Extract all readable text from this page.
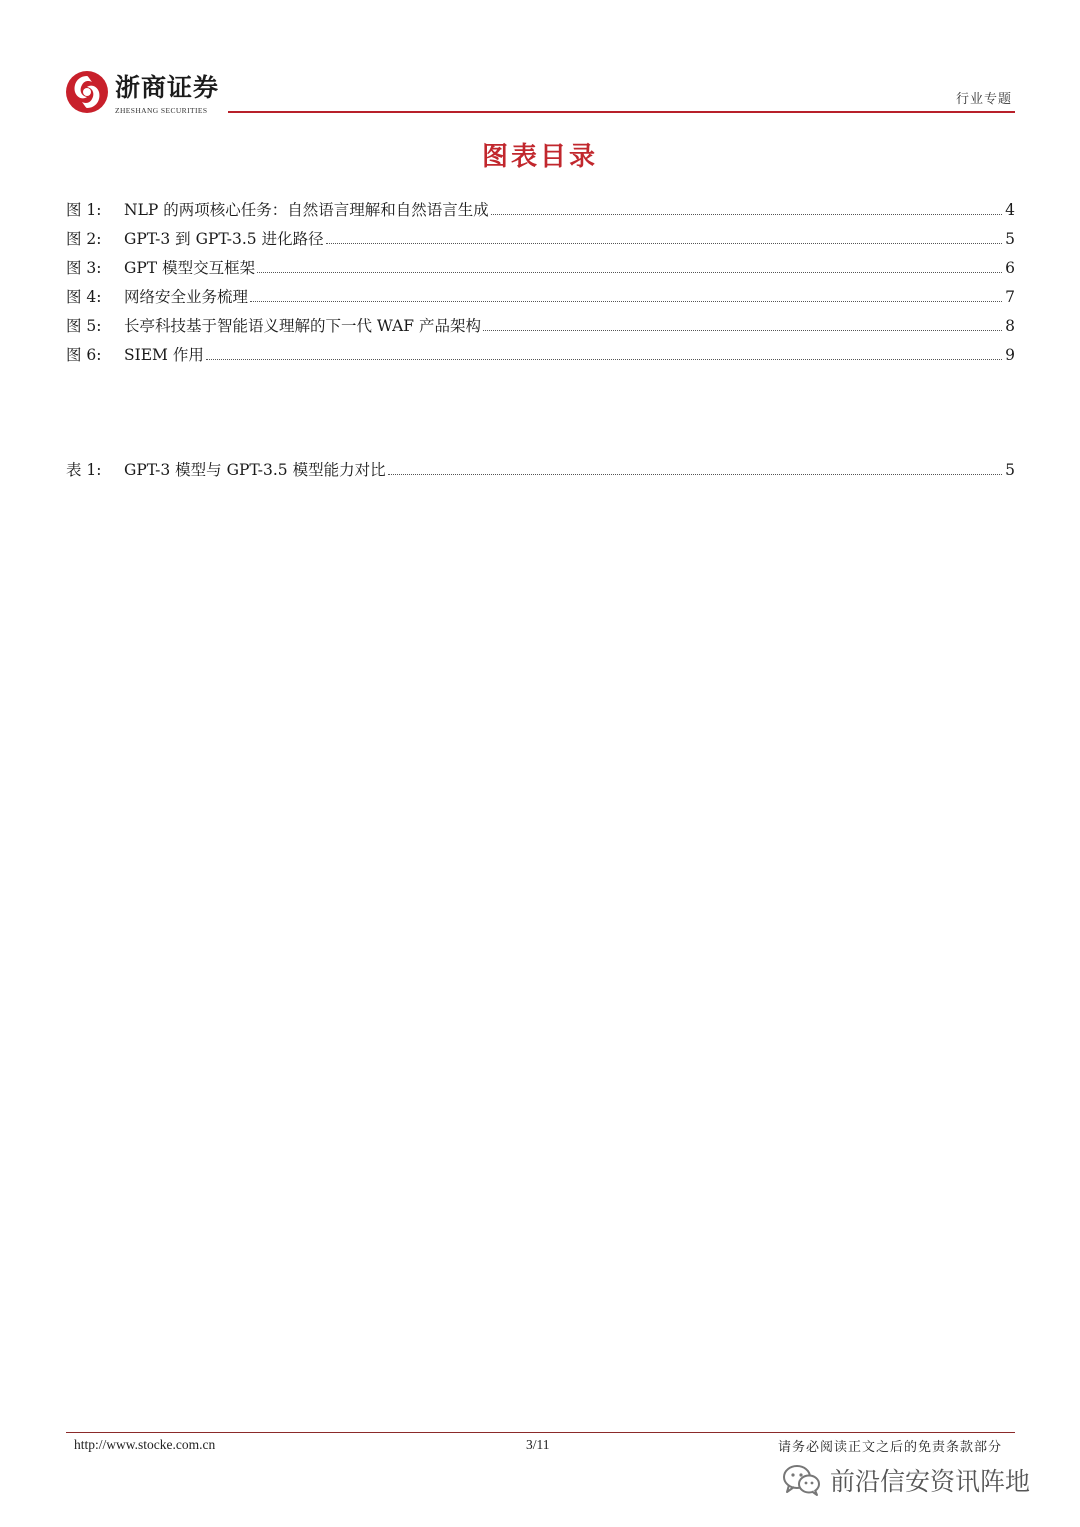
浙商证券
ZHESHANG SECURITIES
行业专题
图表目录
图 1:	NLP 的两项核心任务：自然语言理解和自然语言生成	4
图 2:	GPT-3 到 GPT-3.5 进化路径	5
图 3:	GPT 模型交互框架	6
图 4:	网络安全业务梳理	7
图 5:	长亭科技基于智能语义理解的下一代 WAF 产品架构	8
图 6:	SIEM 作用	9
表 1:	GPT-3 模型与 GPT-3.5 模型能力对比	5
http://www.stocke.com.cn	3/11	请务必阅读正文之后的免责条款部分
前沿信安资讯阵地
